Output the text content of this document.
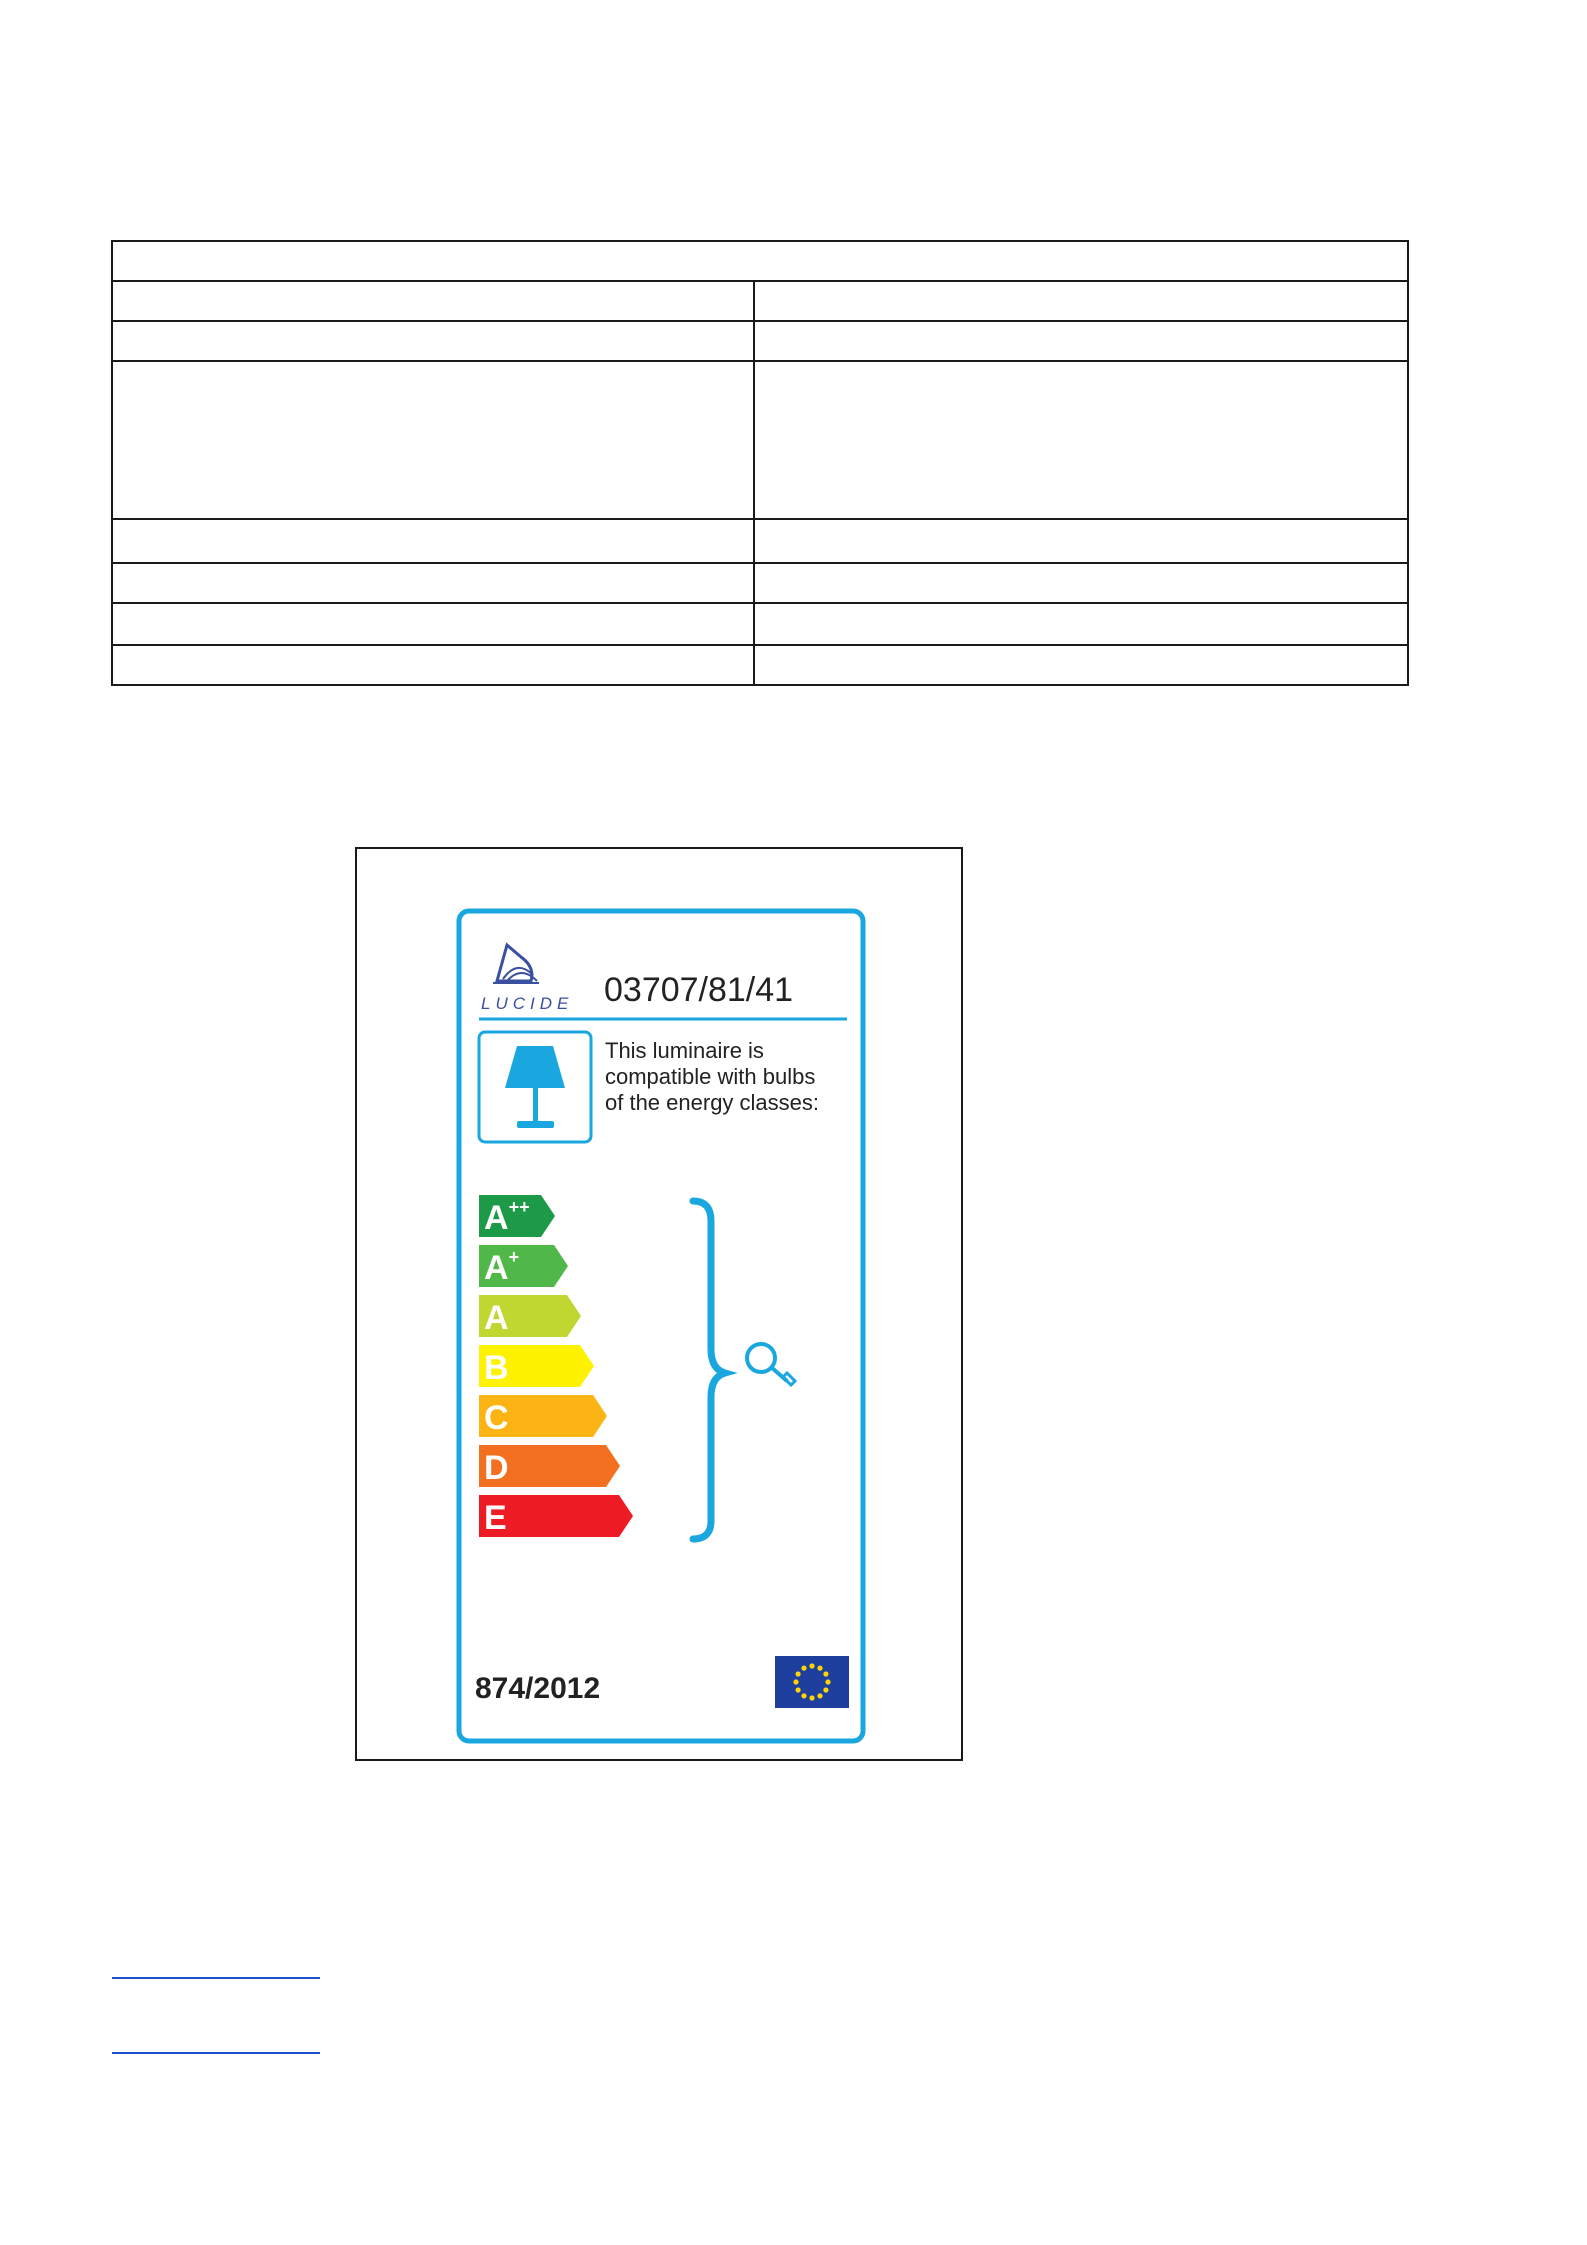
LUCIDE 03707/81/41
This luminaire is
compatible with bulbs
of the energy classes:
A++
A+
A
B
C
D
E
874/2012
